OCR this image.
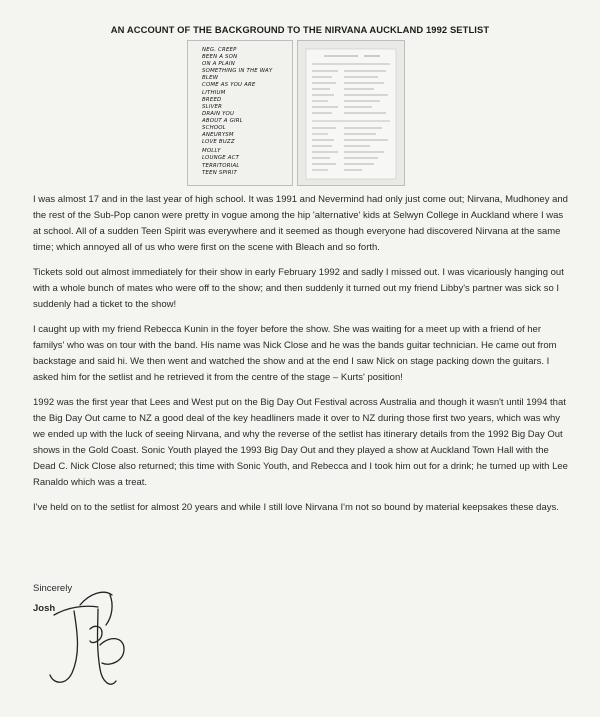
AN ACCOUNT OF THE BACKGROUND TO THE NIRVANA AUCKLAND 1992 SETLIST
NEG. CREEP
BEEN A SON
ON A PLAIN
SOMETHING IN THE WAY
BLEW
COME AS YOU ARE
LITHIUM
BREED
SLIVER
DRAIN YOU
ABOUT A GIRL
SCHOOL
ANEURYSM
LOVE BUZZ
MOLLY
LOUNGE ACT
TERRITORIAL
TEEN SPIRIT

I was almost 17 and in the last year of high school. It was 1991 and Nevermind had only just come out; Nirvana, Mudhoney and the rest of the Sub-Pop canon were pretty in vogue among the hip 'alternative' kids at Selwyn College in Auckland where I was at school. All of a sudden Teen Spirit was everywhere and it seemed as though everyone had discovered Nirvana at the same time; which annoyed all of us who were first on the scene with Bleach and so forth.

Tickets sold out almost immediately for their show in early February 1992 and sadly I missed out. I was vicariously hanging out with a whole bunch of mates who were off to the show; and then suddenly it turned out my friend Libby's partner was sick so I suddenly had a ticket to the show!

I caught up with my friend Rebecca Kunin in the foyer before the show. She was waiting for a meet up with a friend of her familys' who was on tour with the band. His name was Nick Close and he was the bands guitar technician. He came out from backstage and said hi. We then went and watched the show and at the end I saw Nick on stage packing down the guitars. I asked him for the setlist and he retrieved it from the centre of the stage – Kurts' position!

1992 was the first year that Lees and West put on the Big Day Out Festival across Australia and though it wasn't until 1994 that the Big Day Out came to NZ a good deal of the key headliners made it over to NZ during those first two years, which was why we ended up with the luck of seeing Nirvana, and why the reverse of the setlist has itinerary details from the 1992 Big Day Out shows in the Gold Coast. Sonic Youth played the 1993 Big Day Out and they played a show at Auckland Town Hall with the Dead C. Nick Close also returned; this time with Sonic Youth, and Rebecca and I took him out for a drink; he turned up with Lee Ranaldo which was a treat.

I've held on to the setlist for almost 20 years and while I still love Nirvana I'm not so bound by material keepsakes these days.

Sincerely
Josh
